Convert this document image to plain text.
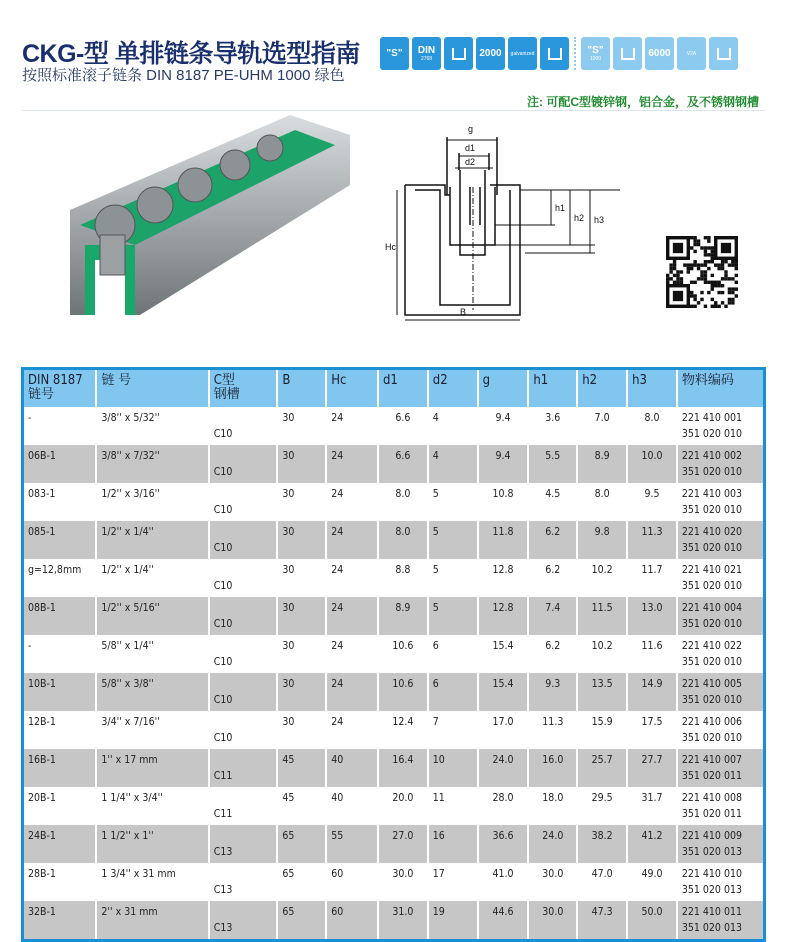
CKG-型 单排链条导轨选型指南
按照标准滚子链条 DIN 8187 PE-UHM 1000 绿色
"S" DIN
2768	2000 galvanized	"S"
1000	6000	V2A
注: 可配C型镀锌钢，铝合金，及不锈钢钢槽
g
d1
d2
h1
h2 h3
Hc
B
DIN 8187
链号	链 号	C型
钢槽	B	Hc	d1	d2	g	h1	h2	h3	物料编码
-	3/8'' x 5/32''	C10	30	24	6.6	4	9.4	3.6	7.0	8.0	221 410 001
351 020 010

06B-1	3/8'' x 7/32''	C10	30	24	6.6	4	9.4	5.5	8.9	10.0	221 410 002
351 020 010

083-1	1/2'' x 3/16''	C10	30	24	8.0	5	10.8	4.5	8.0	9.5	221 410 003
351 020 010

085-1	1/2'' x 1/4''	C10	30	24	8.0	5	11.8	6.2	9.8	11.3	221 410 020
351 020 010

g=12,8mm	1/2'' x 1/4''	C10	30	24	8.8	5	12.8	6.2	10.2	11.7	221 410 021
351 020 010

08B-1	1/2'' x 5/16''	C10	30	24	8.9	5	12.8	7.4	11.5	13.0	221 410 004
351 020 010

-	5/8'' x 1/4''	C10	30	24	10.6	6	15.4	6.2	10.2	11.6	221 410 022
351 020 010

10B-1	5/8'' x 3/8''	C10	30	24	10.6	6	15.4	9.3	13.5	14.9	221 410 005
351 020 010

12B-1	3/4'' x 7/16''	C10	30	24	12.4	7	17.0	11.3	15.9	17.5	221 410 006
351 020 010

16B-1	1'' x 17 mm	C11	45	40	16.4	10	24.0	16.0	25.7	27.7	221 410 007
351 020 011

20B-1	1 1/4'' x 3/4''	C11	45	40	20.0	11	28.0	18.0	29.5	31.7	221 410 008
351 020 011

24B-1	1 1/2'' x 1''	C13	65	55	27.0	16	36.6	24.0	38.2	41.2	221 410 009
351 020 013

28B-1	1 3/4'' x 31 mm	C13	65	60	30.0	17	41.0	30.0	47.0	49.0	221 410 010
351 020 013

32B-1	2'' x 31 mm	C13	65	60	31.0	19	44.6	30.0	47.3	50.0	221 410 011
351 020 013
